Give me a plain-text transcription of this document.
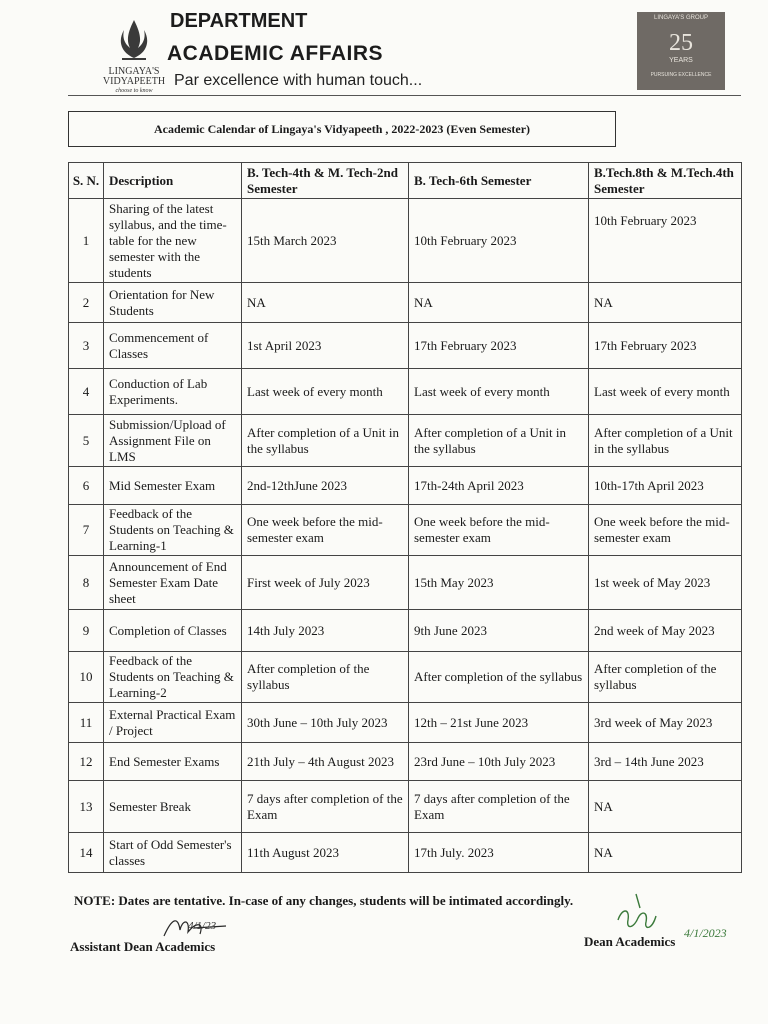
LINGAYA'S
VIDYAPEETH
choose to know
DEPARTMENT
ACADEMIC AFFAIRS
Par excellence with human touch...
LINGAYA'S GROUP
25
YEARS
PURSUING EXCELLENCE
Academic Calendar of Lingaya's Vidyapeeth , 2022-2023 (Even Semester)
S. N.	Description	B. Tech-4th & M. Tech-2nd Semester	B. Tech-6th Semester	B.Tech.8th & M.Tech.4th Semester
1	Sharing of the latest syllabus, and the time-table for the new semester with the students	15th March 2023	10th February 2023	10th February 2023
2	Orientation for New Students	NA	NA	NA
3	Commencement of Classes	1st April 2023	17th February 2023	17th February 2023
4	Conduction of Lab Experiments.	Last week of every month	Last week of every month	Last week of every month
5	Submission/Upload of Assignment File on LMS	After completion of a Unit in the syllabus	After completion of a Unit in the syllabus	After completion of a Unit in the syllabus
6	Mid Semester Exam	2nd-12thJune 2023	17th-24th April 2023	10th-17th April 2023
7	Feedback of the Students on Teaching & Learning-1	One week before the mid-semester exam	One week before the mid-semester exam	One week before the mid-semester exam
8	Announcement of End Semester Exam Date sheet	First week of July 2023	15th May 2023	1st week of May 2023
9	Completion of Classes	14th July 2023	9th June 2023	2nd week of May 2023
10	Feedback of the Students on Teaching & Learning-2	After completion of the syllabus	After completion of the syllabus	After completion of the syllabus
11	External Practical Exam / Project	30th June – 10th July 2023	12th – 21st June 2023	3rd week of May 2023
12	End Semester Exams	21th July – 4th August 2023	23rd June – 10th July 2023	3rd – 14th June 2023
13	Semester Break	7 days after completion of the Exam	7 days after completion of the Exam	NA
14	Start of Odd Semester's classes	11th August 2023	17th July. 2023	NA
NOTE: Dates are tentative. In-case of any changes, students will be intimated accordingly.
4/1/23
Assistant Dean Academics	Dean Academics
4/1/2023
